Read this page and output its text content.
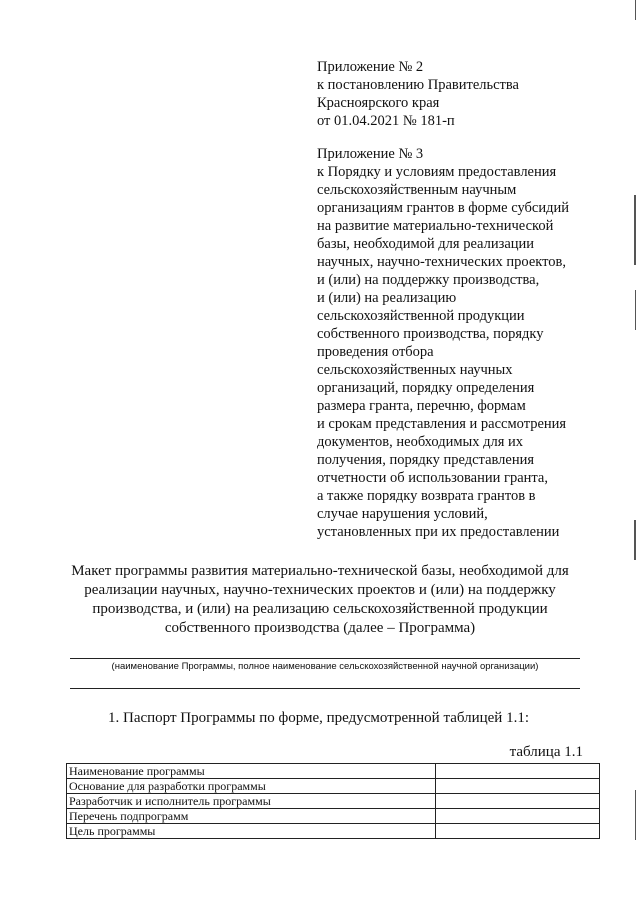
Приложение № 2
к постановлению Правительства
Красноярского края
от 01.04.2021 № 181-п
Приложение № 3
к Порядку и условиям предоставления
сельскохозяйственным научным
организациям грантов в форме субсидий
на развитие материально-технической
базы, необходимой для реализации
научных, научно-технических проектов,
и (или) на поддержку производства,
и (или) на реализацию
сельскохозяйственной продукции
собственного производства, порядку
проведения отбора
сельскохозяйственных научных
организаций, порядку определения
размера гранта, перечню, формам
и срокам представления и рассмотрения
документов, необходимых для их
получения, порядку представления
отчетности об использовании гранта,
а также порядку возврата грантов в
случае нарушения условий,
установленных при их предоставлении
Макет программы развития материально-технической базы, необходимой для
реализации научных, научно-технических проектов и (или) на поддержку
производства, и (или) на реализацию сельскохозяйственной продукции
собственного производства (далее – Программа)
(наименование Программы, полное наименование сельскохозяйственной научной организации)
1. Паспорт Программы по форме, предусмотренной таблицей 1.1:
таблица 1.1
Наименование программы	
Основание для разработки программы	
Разработчик и исполнитель программы	
Перечень подпрограмм	
Цель программы	
